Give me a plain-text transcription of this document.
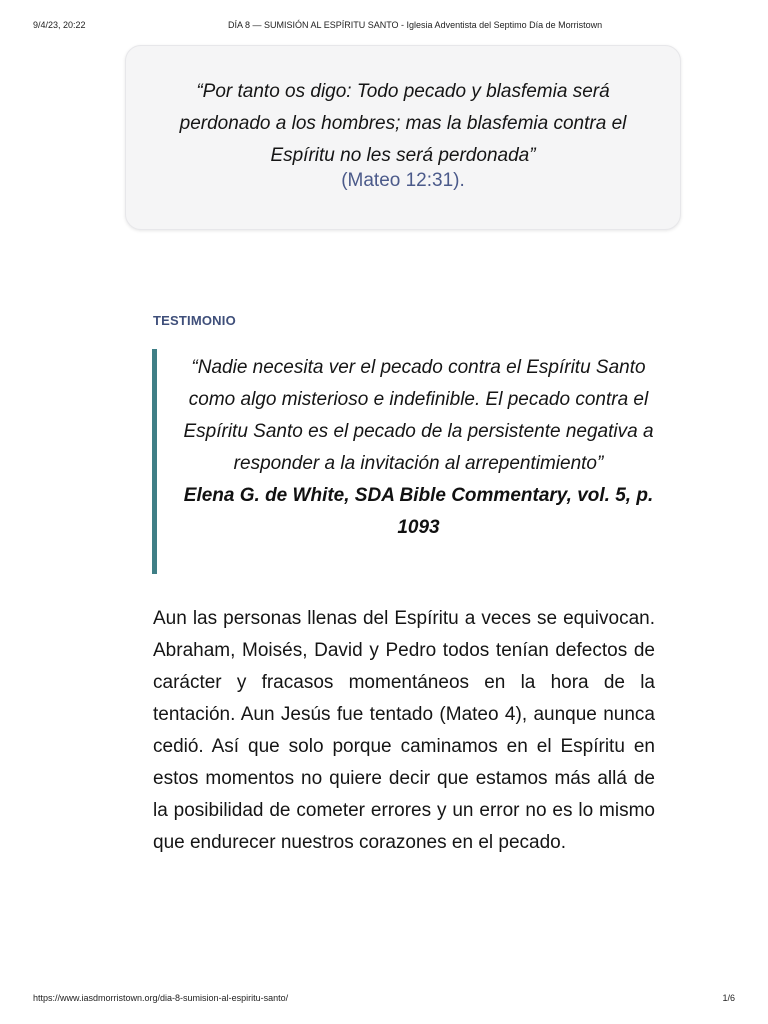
9/4/23, 20:22	DÍA 8 — SUMISIÓN AL ESPÍRITU SANTO - Iglesia Adventista del Septimo Día de Morristown
“Por tanto os digo: Todo pecado y blasfemia será perdonado a los hombres; mas la blasfemia contra el Espíritu no les será perdonada”
(Mateo 12:31).
TESTIMONIO
“Nadie necesita ver el pecado contra el Espíritu Santo como algo misterioso e indefinible. El pecado contra el Espíritu Santo es el pecado de la persistente negativa a responder a la invitación al arrepentimiento”
Elena G. de White, SDA Bible Commentary, vol. 5, p. 1093

Aun las personas llenas del Espíritu a veces se equivocan. Abraham, Moisés, David y Pedro todos tenían defectos de carácter y fracasos momentáneos en la hora de la tentación. Aun Jesús fue tentado (Mateo 4), aunque nunca cedió. Así que solo porque caminamos en el Espíritu en estos momentos no quiere decir que estamos más allá de la posibilidad de cometer errores y un error no es lo mismo que endurecer nuestros corazones en el pecado.

https://www.iasdmorristown.org/dia-8-sumision-al-espiritu-santo/	1/6
